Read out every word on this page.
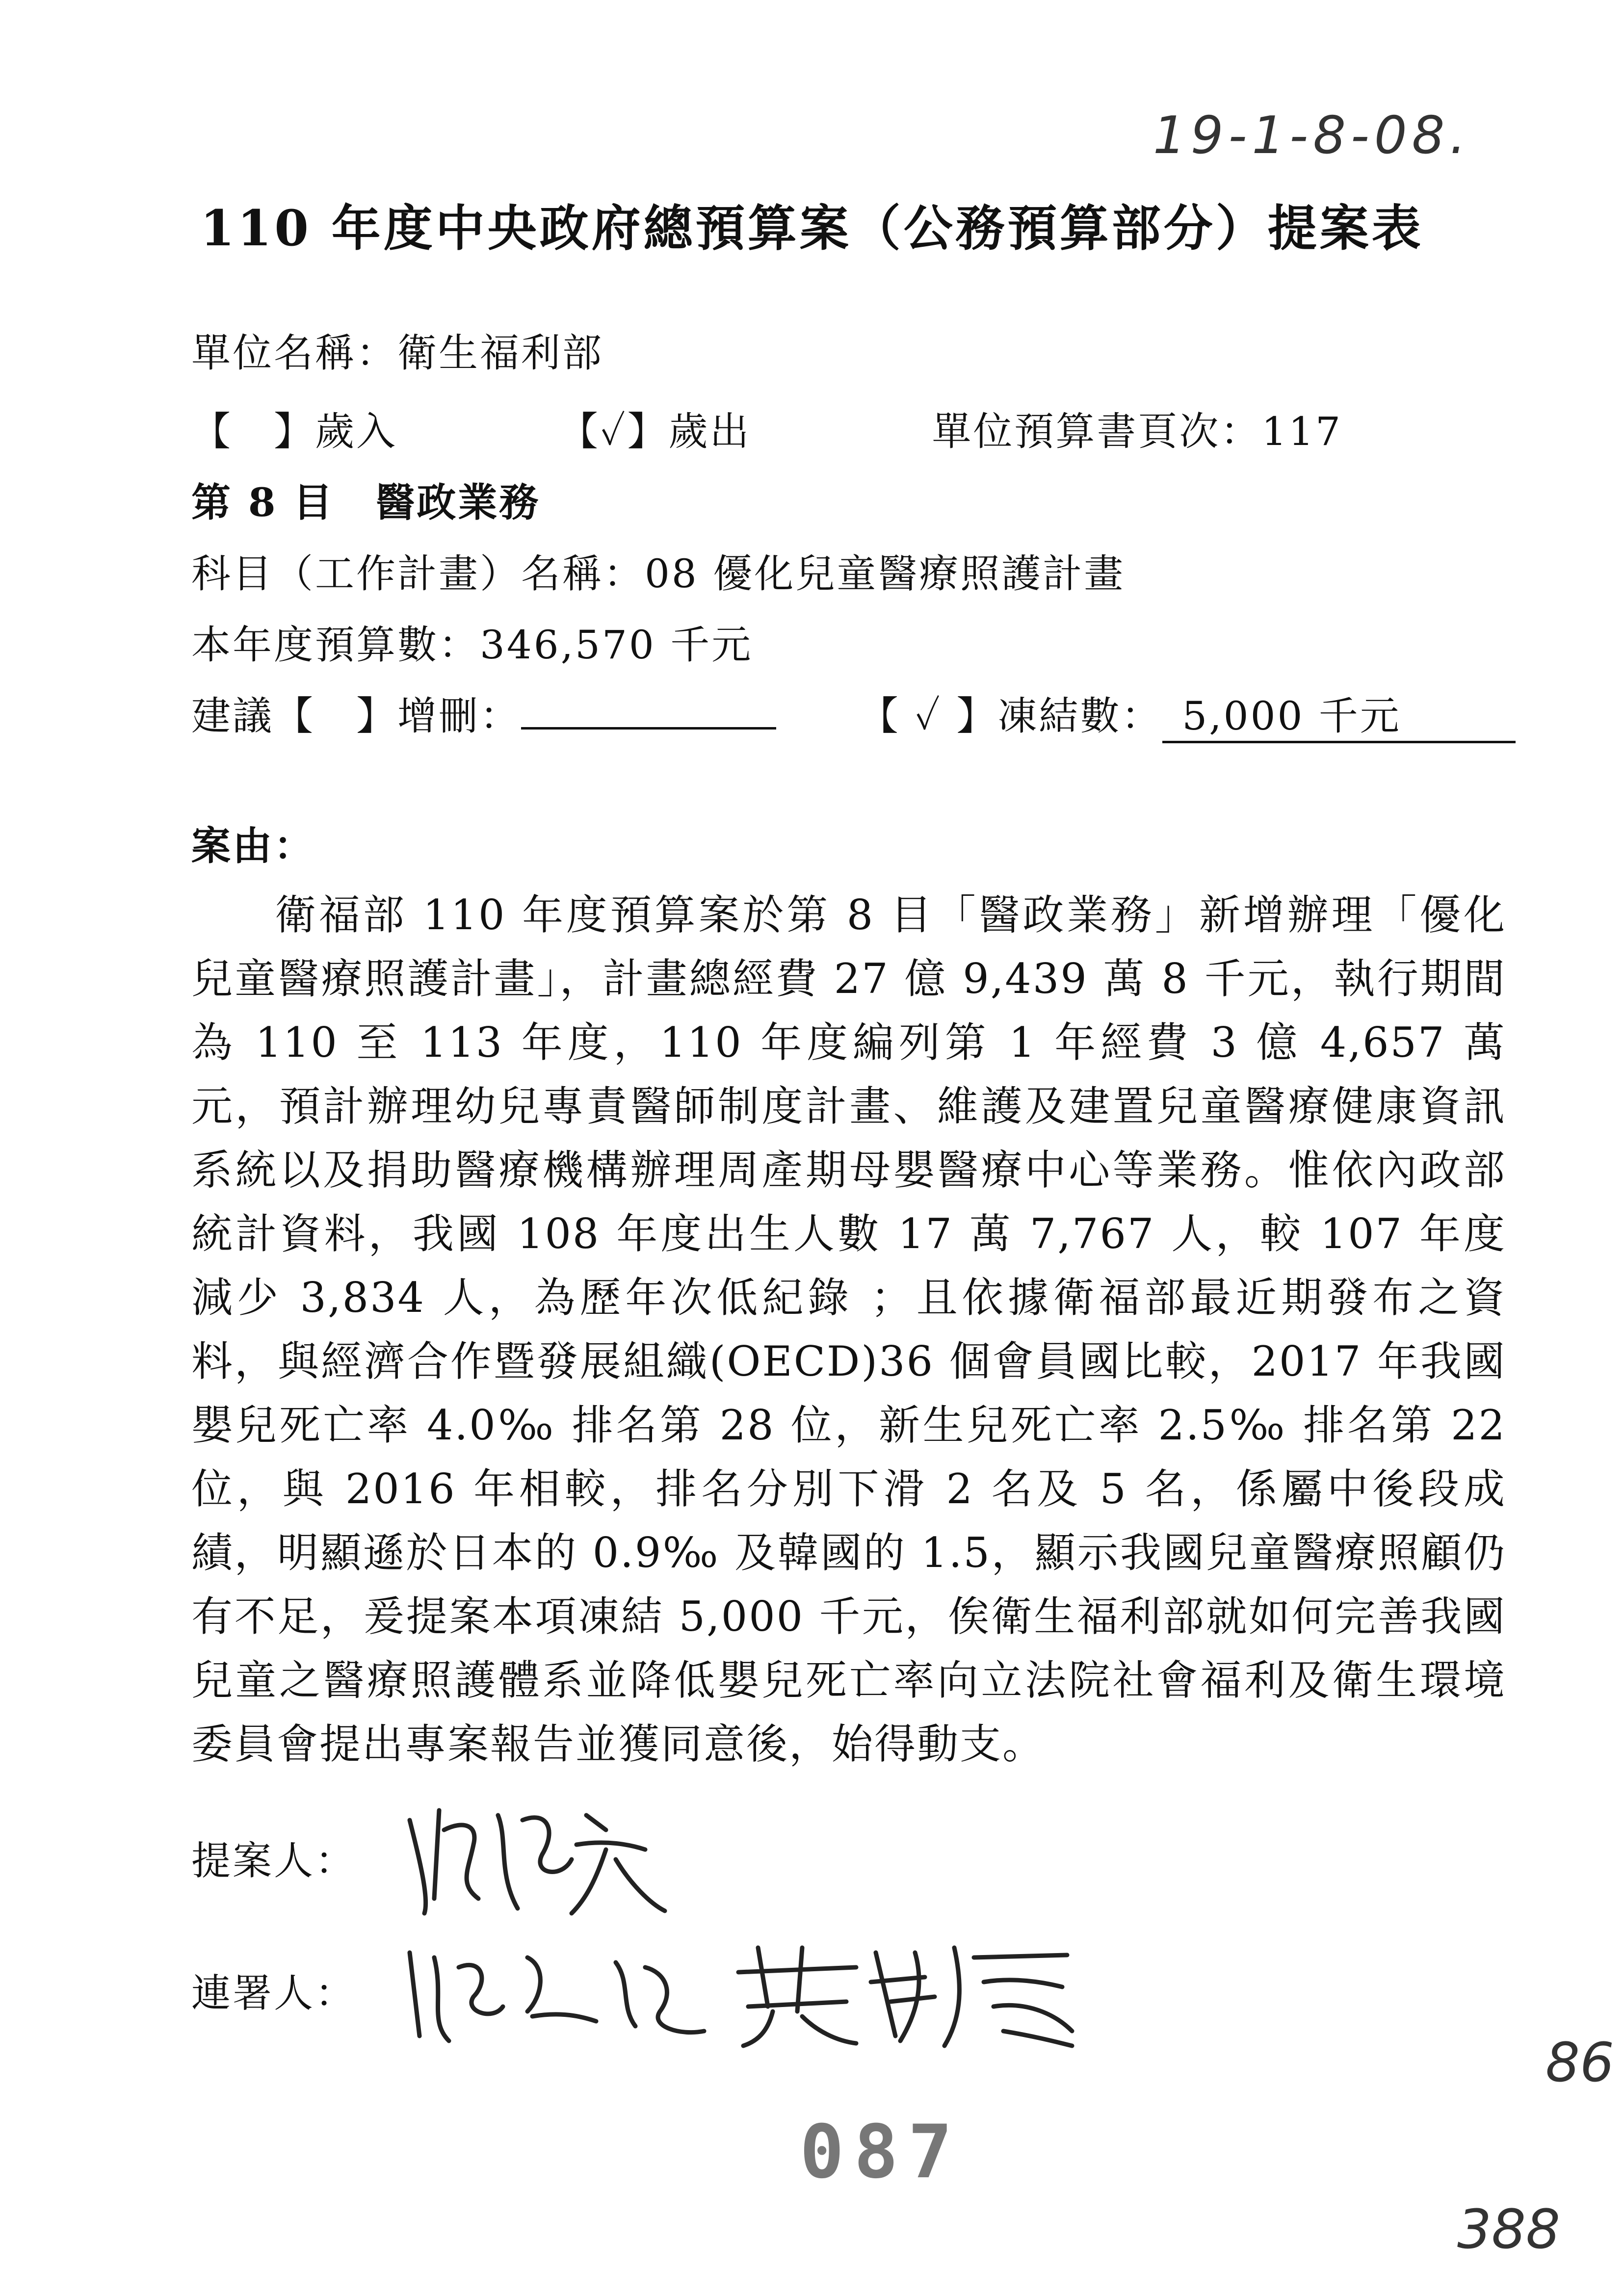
19-1-8-08.
110 年度中央政府總預算案（公務預算部分）提案表
單位名稱：衛生福利部
【　】歲入	【✓】歲出	單位預算書頁次：117
第 8 目　醫政業務
科目（工作計畫）名稱：08 優化兒童醫療照護計畫
本年度預算數：346,570 千元
建議【　】增刪：	【 ✓ 】凍結數： 5,000 千元
案由：
衛福部 110 年度預算案於第 8 目「醫政業務」新增辦理「優化兒童醫療照護計畫」，計畫總經費 27 億 9,439 萬 8 千元，執行期間為 110 至 113 年度，110 年度編列第 1 年經費 3 億 4,657 萬元，預計辦理幼兒專責醫師制度計畫、維護及建置兒童醫療健康資訊系統以及捐助醫療機構辦理周產期母嬰醫療中心等業務。惟依內政部統計資料，我國 108 年度出生人數 17 萬 7,767 人，較 107 年度減少 3,834 人，為歷年次低紀錄 ；且依據衛福部最近期發布之資料，與經濟合作暨發展組織(OECD)36 個會員國比較，2017 年我國嬰兒死亡率 4.0‰ 排名第 28 位，新生兒死亡率 2.5‰ 排名第 22 位，與 2016 年相較，排名分別下滑 2 名及 5 名，係屬中後段成績，明顯遜於日本的 0.9‰ 及韓國的 1.5，顯示我國兒童醫療照顧仍有不足，爰提案本項凍結 5,000 千元，俟衛生福利部就如何完善我國兒童之醫療照護體系並降低嬰兒死亡率向立法院社會福利及衛生環境委員會提出專案報告並獲同意後，始得動支。
提案人：
連署人：
86
388
087
